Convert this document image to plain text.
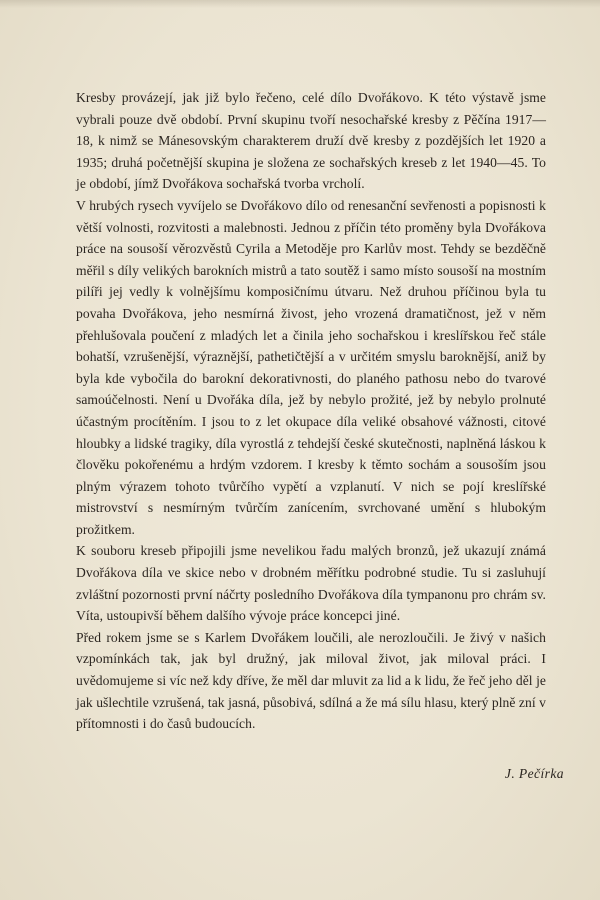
Kresby provázejí, jak již bylo řečeno, celé dílo Dvořákovo. K této výstavě jsme vybrali pouze dvě období. První skupinu tvoří nesochařské kresby z Pěčína 1917—18, k nimž se Mánesovským charakterem druží dvě kresby z pozdějších let 1920 a 1935; druhá početnější skupina je složena ze sochařských kreseb z let 1940—45. To je období, jímž Dvořákova sochařská tvorba vrcholí.

V hrubých rysech vyvíjelo se Dvořákovo dílo od renesanční sevřenosti a popisnosti k větší volnosti, rozvitosti a malebnosti. Jednou z příčin této proměny byla Dvořákova práce na sousoší věrozvěstů Cyrila a Metoděje pro Karlův most. Tehdy se bezděčně měřil s díly velikých barokních mistrů a tato soutěž i samo místo sousoší na mostním pilíři jej vedly k volnějšímu komposičnímu útvaru. Než druhou příčinou byla tu povaha Dvořákova, jeho nesmírná živost, jeho vrozená dramatičnost, jež v něm přehlušovala poučení z mladých let a činila jeho sochařskou i kreslířskou řeč stále bohatší, vzrušenější, výraznější, pathetičtější a v určitém smyslu baroknější, aniž by byla kde vybočila do barokní dekorativnosti, do planého pathosu nebo do tvarové samoúčelnosti. Není u Dvořáka díla, jež by nebylo prožité, jež by nebylo prolnuté účastným procítěním. I jsou to z let okupace díla veliké obsahové vážnosti, citové hloubky a lidské tragiky, díla vyrostlá z tehdejší české skutečnosti, naplněná láskou k člověku pokořenému a hrdým vzdorem. I kresby k těmto sochám a sousoším jsou plným výrazem tohoto tvůrčího vypětí a vzplanutí. V nich se pojí kreslířské mistrovství s nesmírným tvůrčím zanícením, svrchované umění s hlubokým prožitkem.

K souboru kreseb připojili jsme nevelikou řadu malých bronzů, jež ukazují známá Dvořákova díla ve skice nebo v drobném měřítku podrobné studie. Tu si zasluhují zvláštní pozornosti první náčrty posledního Dvořákova díla tympanonu pro chrám sv. Víta, ustoupivší během dalšího vývoje práce koncepci jiné.

Před rokem jsme se s Karlem Dvořákem loučili, ale nerozloučili. Je živý v našich vzpomínkách tak, jak byl družný, jak miloval život, jak miloval práci. I uvědomujeme si víc než kdy dříve, že měl dar mluvit za lid a k lidu, že řeč jeho děl je jak ušlechtile vzrušená, tak jasná, působivá, sdílná a že má sílu hlasu, který plně zní v přítomnosti i do časů budoucích.

J. Pečírka
